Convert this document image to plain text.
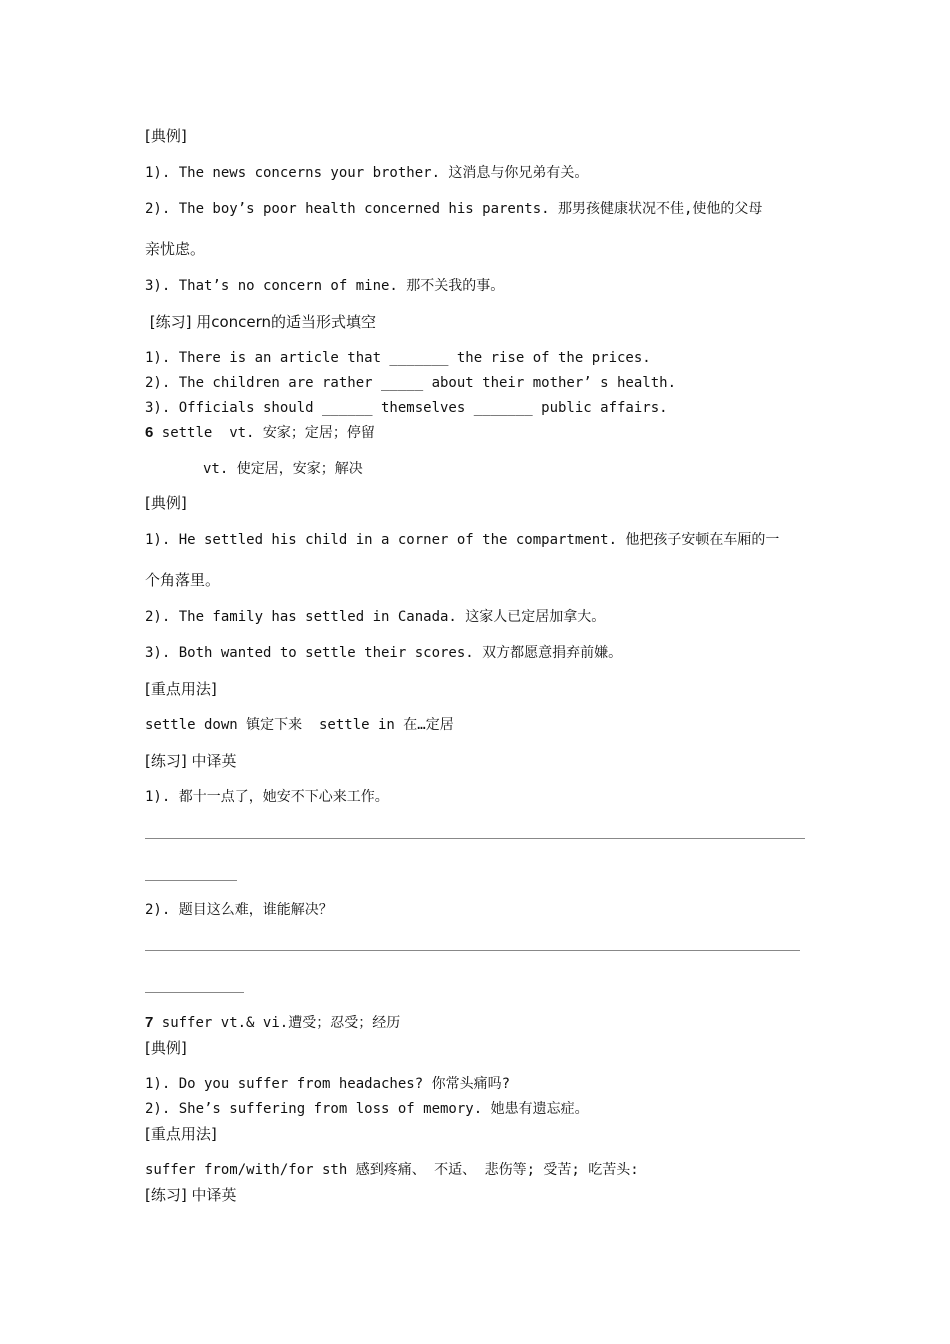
[典例]
1). The news concerns your brother. 这消息与你兄弟有关。
2). The boy’s poor health concerned his parents. 那男孩健康状况不佳,使他的父母
亲忧虑。
3). That’s no concern of mine. 那不关我的事。
[练习] 用concern的适当形式填空
1). There is an article that _______ the rise of the prices.
2). The children are rather _____ about their mother’ s health.
3). Officials should ______ themselves _______ public affairs.
6 settle  vt. 安家；定居；停留
vt. 使定居，安家；解决
[典例]
1). He settled his child in a corner of the compartment. 他把孩子安顿在车厢的一
个角落里。
2). The family has settled in Canada. 这家人已定居加拿大。
3). Both wanted to settle their scores. 双方都愿意捐弃前嫌。
[重点用法]
settle down 镇定下来  settle in 在…定居
[练习] 中译英
1). 都十一点了，她安不下心来工作。
2). 题目这么难，谁能解决？
7 suffer vt.& vi.遭受；忍受；经历
[典例]
1). Do you suffer from headaches? 你常头痛吗?
2). She’s suffering from loss of memory. 她患有遗忘症。
[重点用法]
suffer from/with/for sth 感到疼痛、 不适、 悲伤等; 受苦; 吃苦头:
[练习] 中译英
